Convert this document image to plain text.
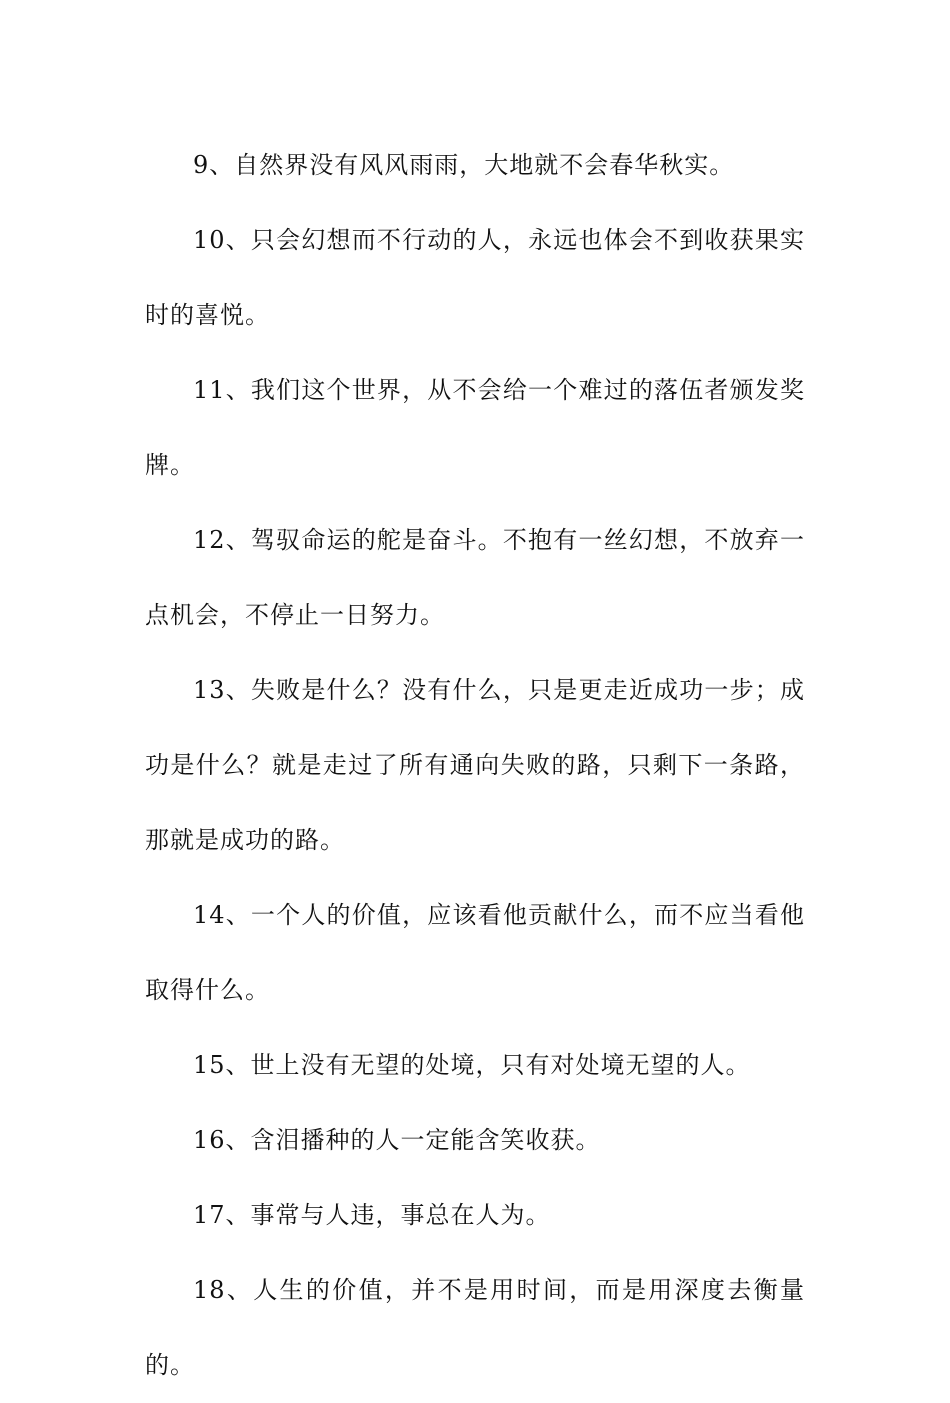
9、自然界没有风风雨雨，大地就不会春华秋实。

10、只会幻想而不行动的人，永远也体会不到收获果实时的喜悦。

11、我们这个世界，从不会给一个难过的落伍者颁发奖牌。

12、驾驭命运的舵是奋斗。不抱有一丝幻想，不放弃一点机会，不停止一日努力。

13、失败是什么？没有什么，只是更走近成功一步；成功是什么？就是走过了所有通向失败的路，只剩下一条路，那就是成功的路。

14、一个人的价值，应该看他贡献什么，而不应当看他取得什么。

15、世上没有无望的处境，只有对处境无望的人。

16、含泪播种的人一定能含笑收获。

17、事常与人违，事总在人为。

18、人生的价值，并不是用时间，而是用深度去衡量的。
